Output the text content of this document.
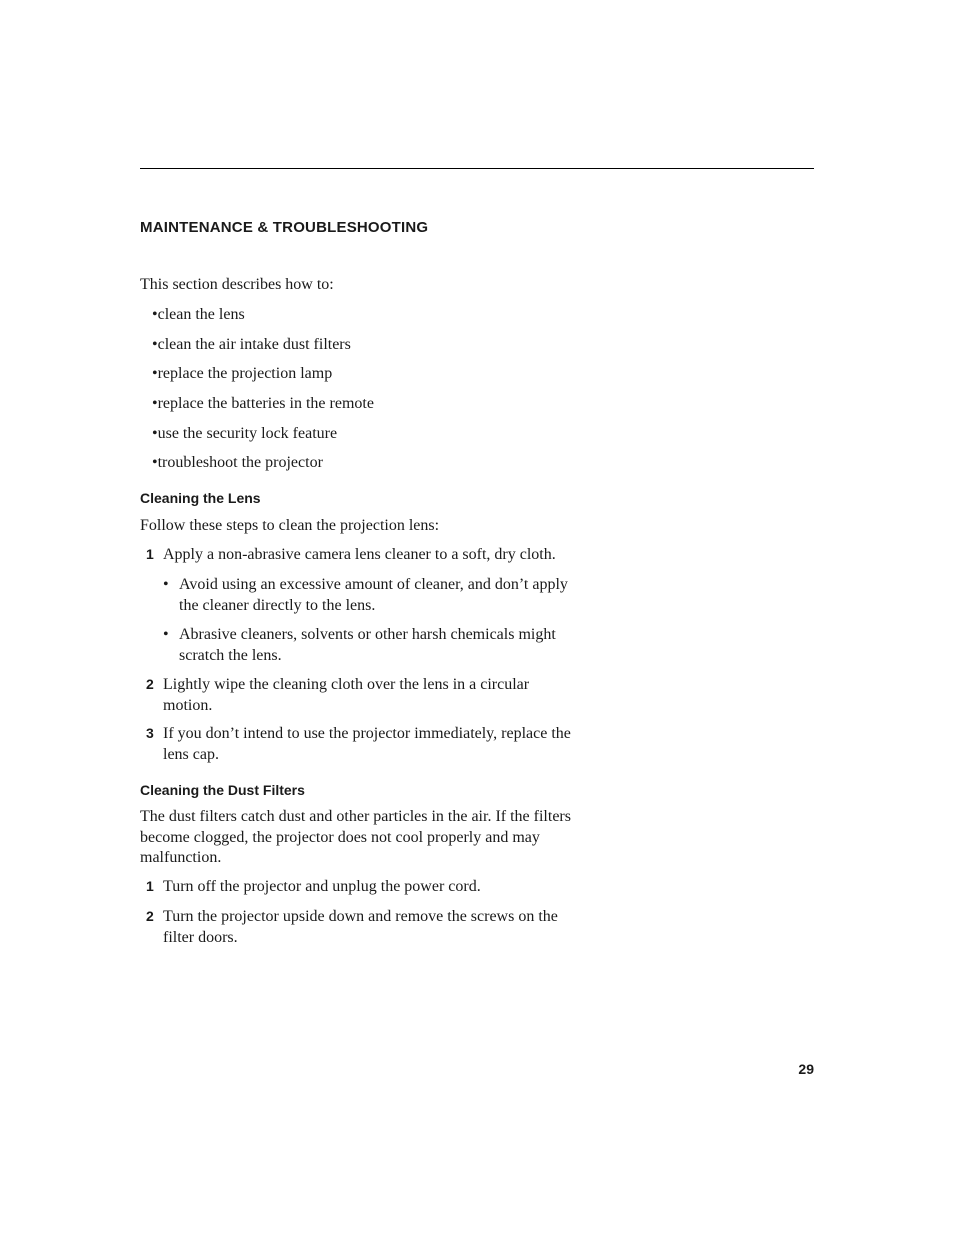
MAINTENANCE & TROUBLESHOOTING

This section describes how to:

•clean the lens
•clean the air intake dust filters
•replace the projection lamp
•replace the batteries in the remote
•use the security lock feature
•troubleshoot the projector
Cleaning the Lens

Follow these steps to clean the projection lens:

1 Apply a non-abrasive camera lens cleaner to a soft, dry cloth.
• Avoid using an excessive amount of cleaner, and don’t apply the cleaner directly to the lens.
• Abrasive cleaners, solvents or other harsh chemicals might scratch the lens.
2 Lightly wipe the cleaning cloth over the lens in a circular motion.
3 If you don’t intend to use the projector immediately, replace the lens cap.
Cleaning the Dust Filters

The dust filters catch dust and other particles in the air. If the filters become clogged, the projector does not cool properly and may malfunction.

1 Turn off the projector and unplug the power cord.
2 Turn the projector upside down and remove the screws on the filter doors.
29
